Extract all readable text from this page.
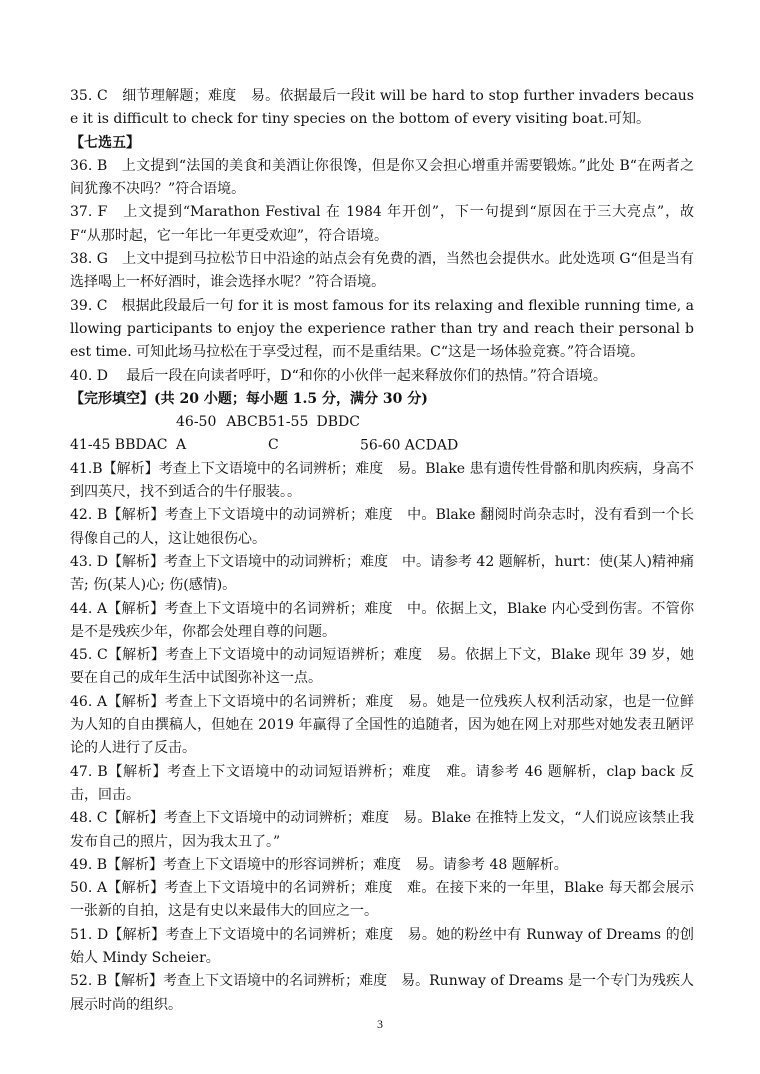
35. C　细节理解题；难度　易。依据最后一段it will be hard to stop further invaders because it is difficult to check for tiny species on the bottom of every visiting boat.可知。

【七选五】

36. B　上文提到“法国的美食和美酒让你很馋，但是你又会担心增重并需要锻炼。”此处 B“在两者之间犹豫不决吗？”符合语境。

37. F　上文提到“Marathon Festival 在 1984 年开创”，下一句提到“原因在于三大亮点”，故 F“从那时起，它一年比一年更受欢迎”，符合语境。

38. G　上文中提到马拉松节日中沿途的站点会有免费的酒，当然也会提供水。此处选项 G“但是当有选择喝上一杯好酒时，谁会选择水呢？”符合语境。

39. C　根据此段最后一句 for it is most famous for its relaxing and flexible running time, allowing participants to enjoy the experience rather than try and reach their personal best time. 可知此场马拉松在于享受过程，而不是重结果。C“这是一场体验竞赛。”符合语境。

40. D　 最后一段在向读者呼吁，D“和你的小伙伴一起来释放你们的热情。”符合语境。

【完形填空】(共 20 小题；每小题 1.5 分，满分 30 分)

41-45 BBDAC46-50 ABCBA51-55 DBDCC	56-60 ACDAD

41.B【解析】考查上下文语境中的名词辨析；难度　易。Blake 患有遗传性骨骼和肌肉疾病，身高不到四英尺，找不到适合的牛仔服装。。

42. B【解析】考查上下文语境中的动词辨析；难度　中。Blake 翻阅时尚杂志时，没有看到一个长得像自己的人，这让她很伤心。

43. D【解析】考查上下文语境中的动词辨析；难度　中。请参考 42 题解析，hurt：使(某人)精神痛苦; 伤(某人)心; 伤(感情)。

44. A【解析】考查上下文语境中的名词辨析；难度　中。依据上文，Blake 内心受到伤害。不管你是不是残疾少年，你都会处理自尊的问题。

45. C【解析】考查上下文语境中的动词短语辨析；难度　易。依据上下文，Blake 现年 39 岁，她要在自己的成年生活中试图弥补这一点。

46. A【解析】考查上下文语境中的名词辨析；难度　易。她是一位残疾人权利活动家，也是一位鲜为人知的自由撰稿人，但她在 2019 年赢得了全国性的追随者，因为她在网上对那些对她发表丑陋评论的人进行了反击。

47. B【解析】考查上下文语境中的动词短语辨析；难度　难。请参考 46 题解析，clap back 反击，回击。

48. C【解析】考查上下文语境中的动词辨析；难度　易。Blake 在推特上发文，“人们说应该禁止我发布自己的照片，因为我太丑了。”

49. B【解析】考查上下文语境中的形容词辨析；难度　易。请参考 48 题解析。

50. A【解析】考查上下文语境中的名词辨析；难度　难。在接下来的一年里，Blake 每天都会展示一张新的自拍，这是有史以来最伟大的回应之一。

51. D【解析】考查上下文语境中的名词辨析；难度　易。她的粉丝中有 Runway of Dreams 的创始人 Mindy Scheier。

52. B【解析】考查上下文语境中的名词辨析；难度　易。Runway of Dreams 是一个专门为残疾人展示时尚的组织。

3
